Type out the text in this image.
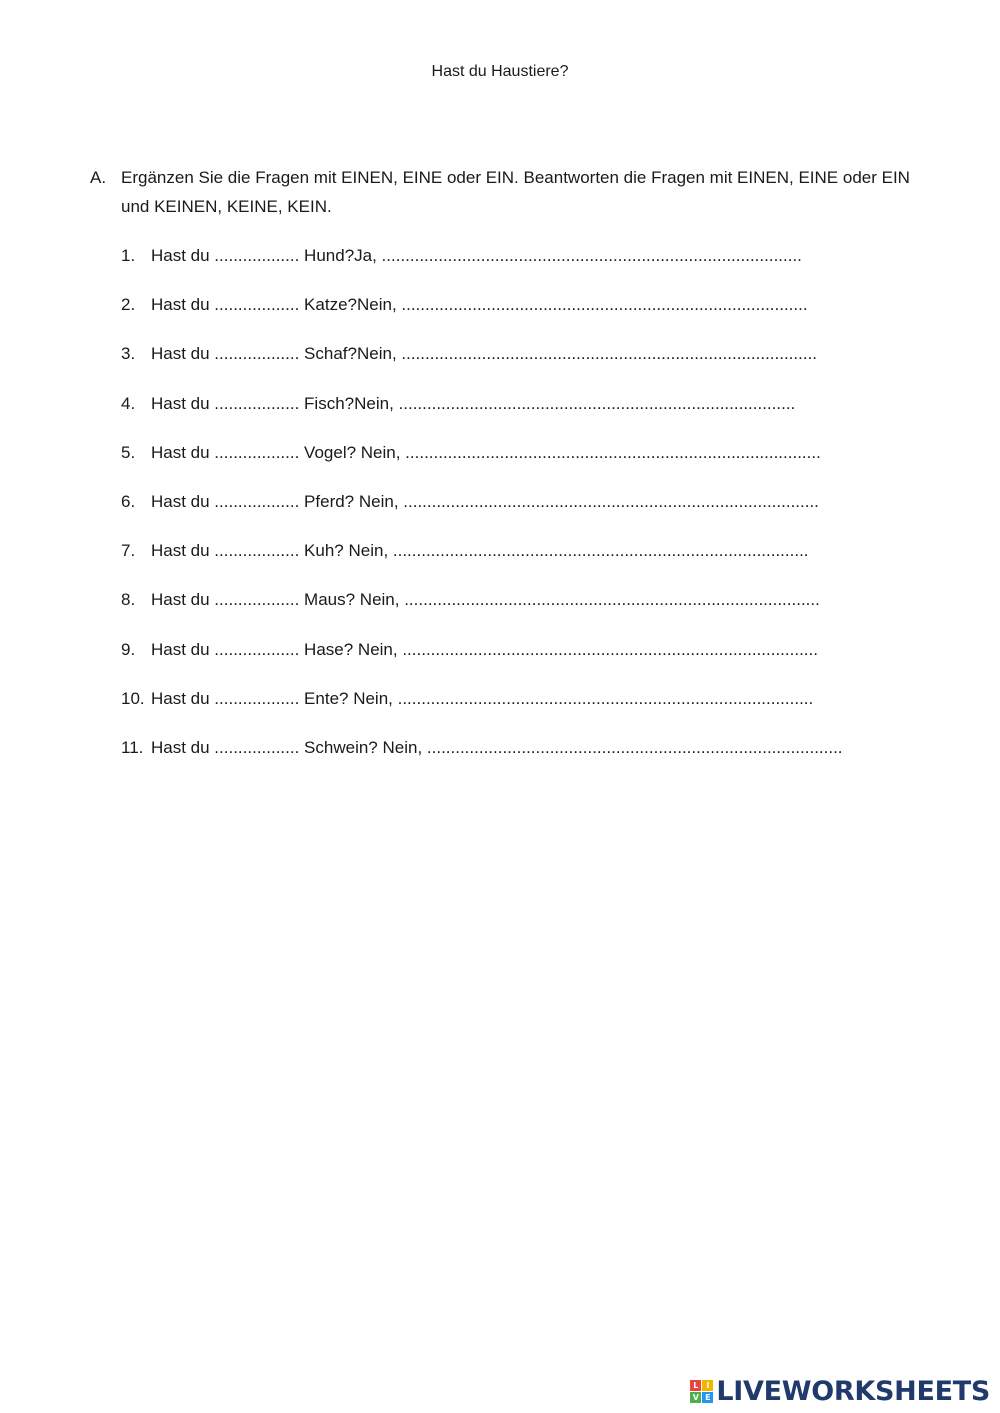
Hast du Haustiere?
A. Ergänzen Sie die Fragen mit EINEN, EINE oder EIN. Beantworten die Fragen mit EINEN, EINE oder EIN und KEINEN, KEINE, KEIN.
1. Hast du .................. Hund?Ja, .........................................................................................
2. Hast du .................. Katze?Nein, ......................................................................................
3. Hast du .................. Schaf?Nein, ........................................................................................
4. Hast du .................. Fisch?Nein, ....................................................................................
5. Hast du .................. Vogel? Nein, ........................................................................................
6. Hast du .................. Pferd? Nein, ........................................................................................
7. Hast du .................. Kuh? Nein, ........................................................................................
8. Hast du .................. Maus? Nein, ........................................................................................
9. Hast du .................. Hase? Nein, ........................................................................................
10. Hast du .................. Ente? Nein, ........................................................................................
11. Hast du .................. Schwein? Nein, ........................................................................................
L I
V E LIVEWORKSHEETS
